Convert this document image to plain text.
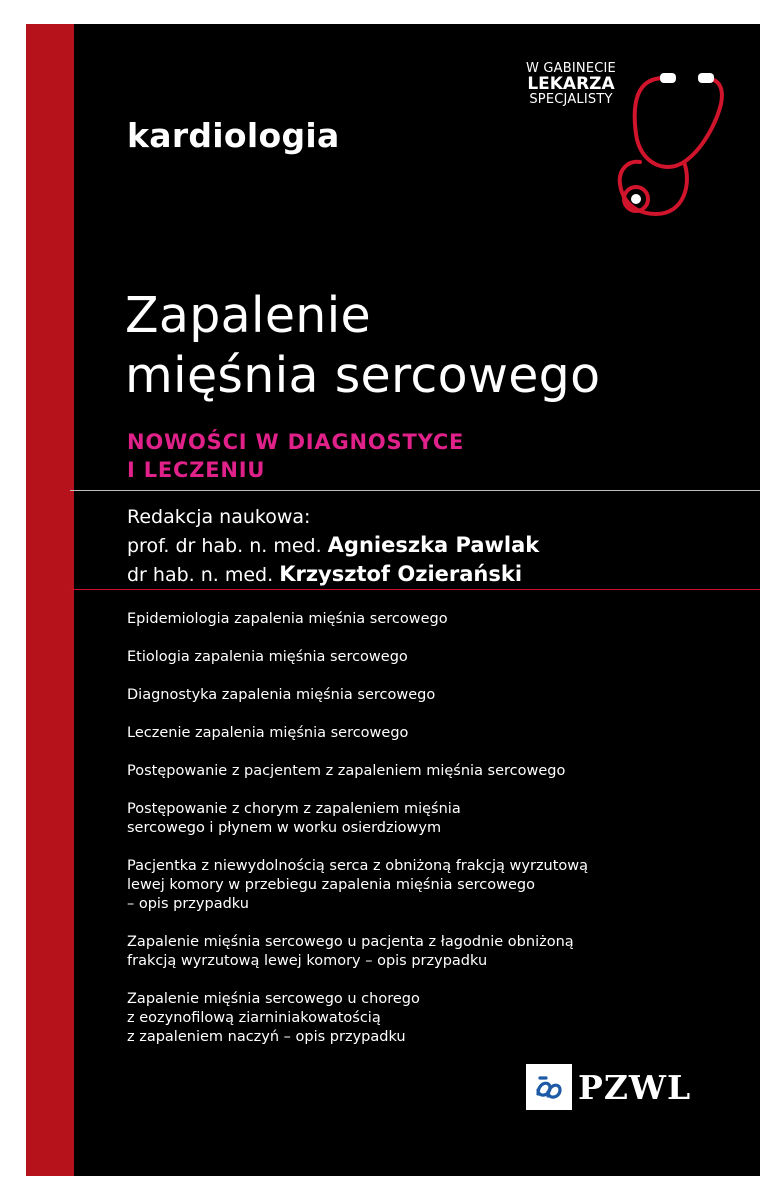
kardiologia
W GABINECIE
LEKARZA
SPECJALISTY
Zapalenie
mięśnia sercowego
NOWOŚCI W DIAGNOSTYCE
I LECZENIU
Redakcja naukowa:
prof. dr hab. n. med. Agnieszka Pawlak
dr hab. n. med. Krzysztof Ozierański
Epidemiologia zapalenia mięśnia sercowego
Etiologia zapalenia mięśnia sercowego
Diagnostyka zapalenia mięśnia sercowego
Leczenie zapalenia mięśnia sercowego
Postępowanie z pacjentem z zapaleniem mięśnia sercowego
Postępowanie z chorym z zapaleniem mięśnia
sercowego i płynem w worku osierdziowym
Pacjentka z niewydolnością serca z obniżoną frakcją wyrzutową
lewej komory w przebiegu zapalenia mięśnia sercowego
– opis przypadku
Zapalenie mięśnia sercowego u pacjenta z łagodnie obniżoną
frakcją wyrzutową lewej komory – opis przypadku
Zapalenie mięśnia sercowego u chorego
z eozynofilową ziarniniakowatością
z zapaleniem naczyń – opis przypadku
PZWL
